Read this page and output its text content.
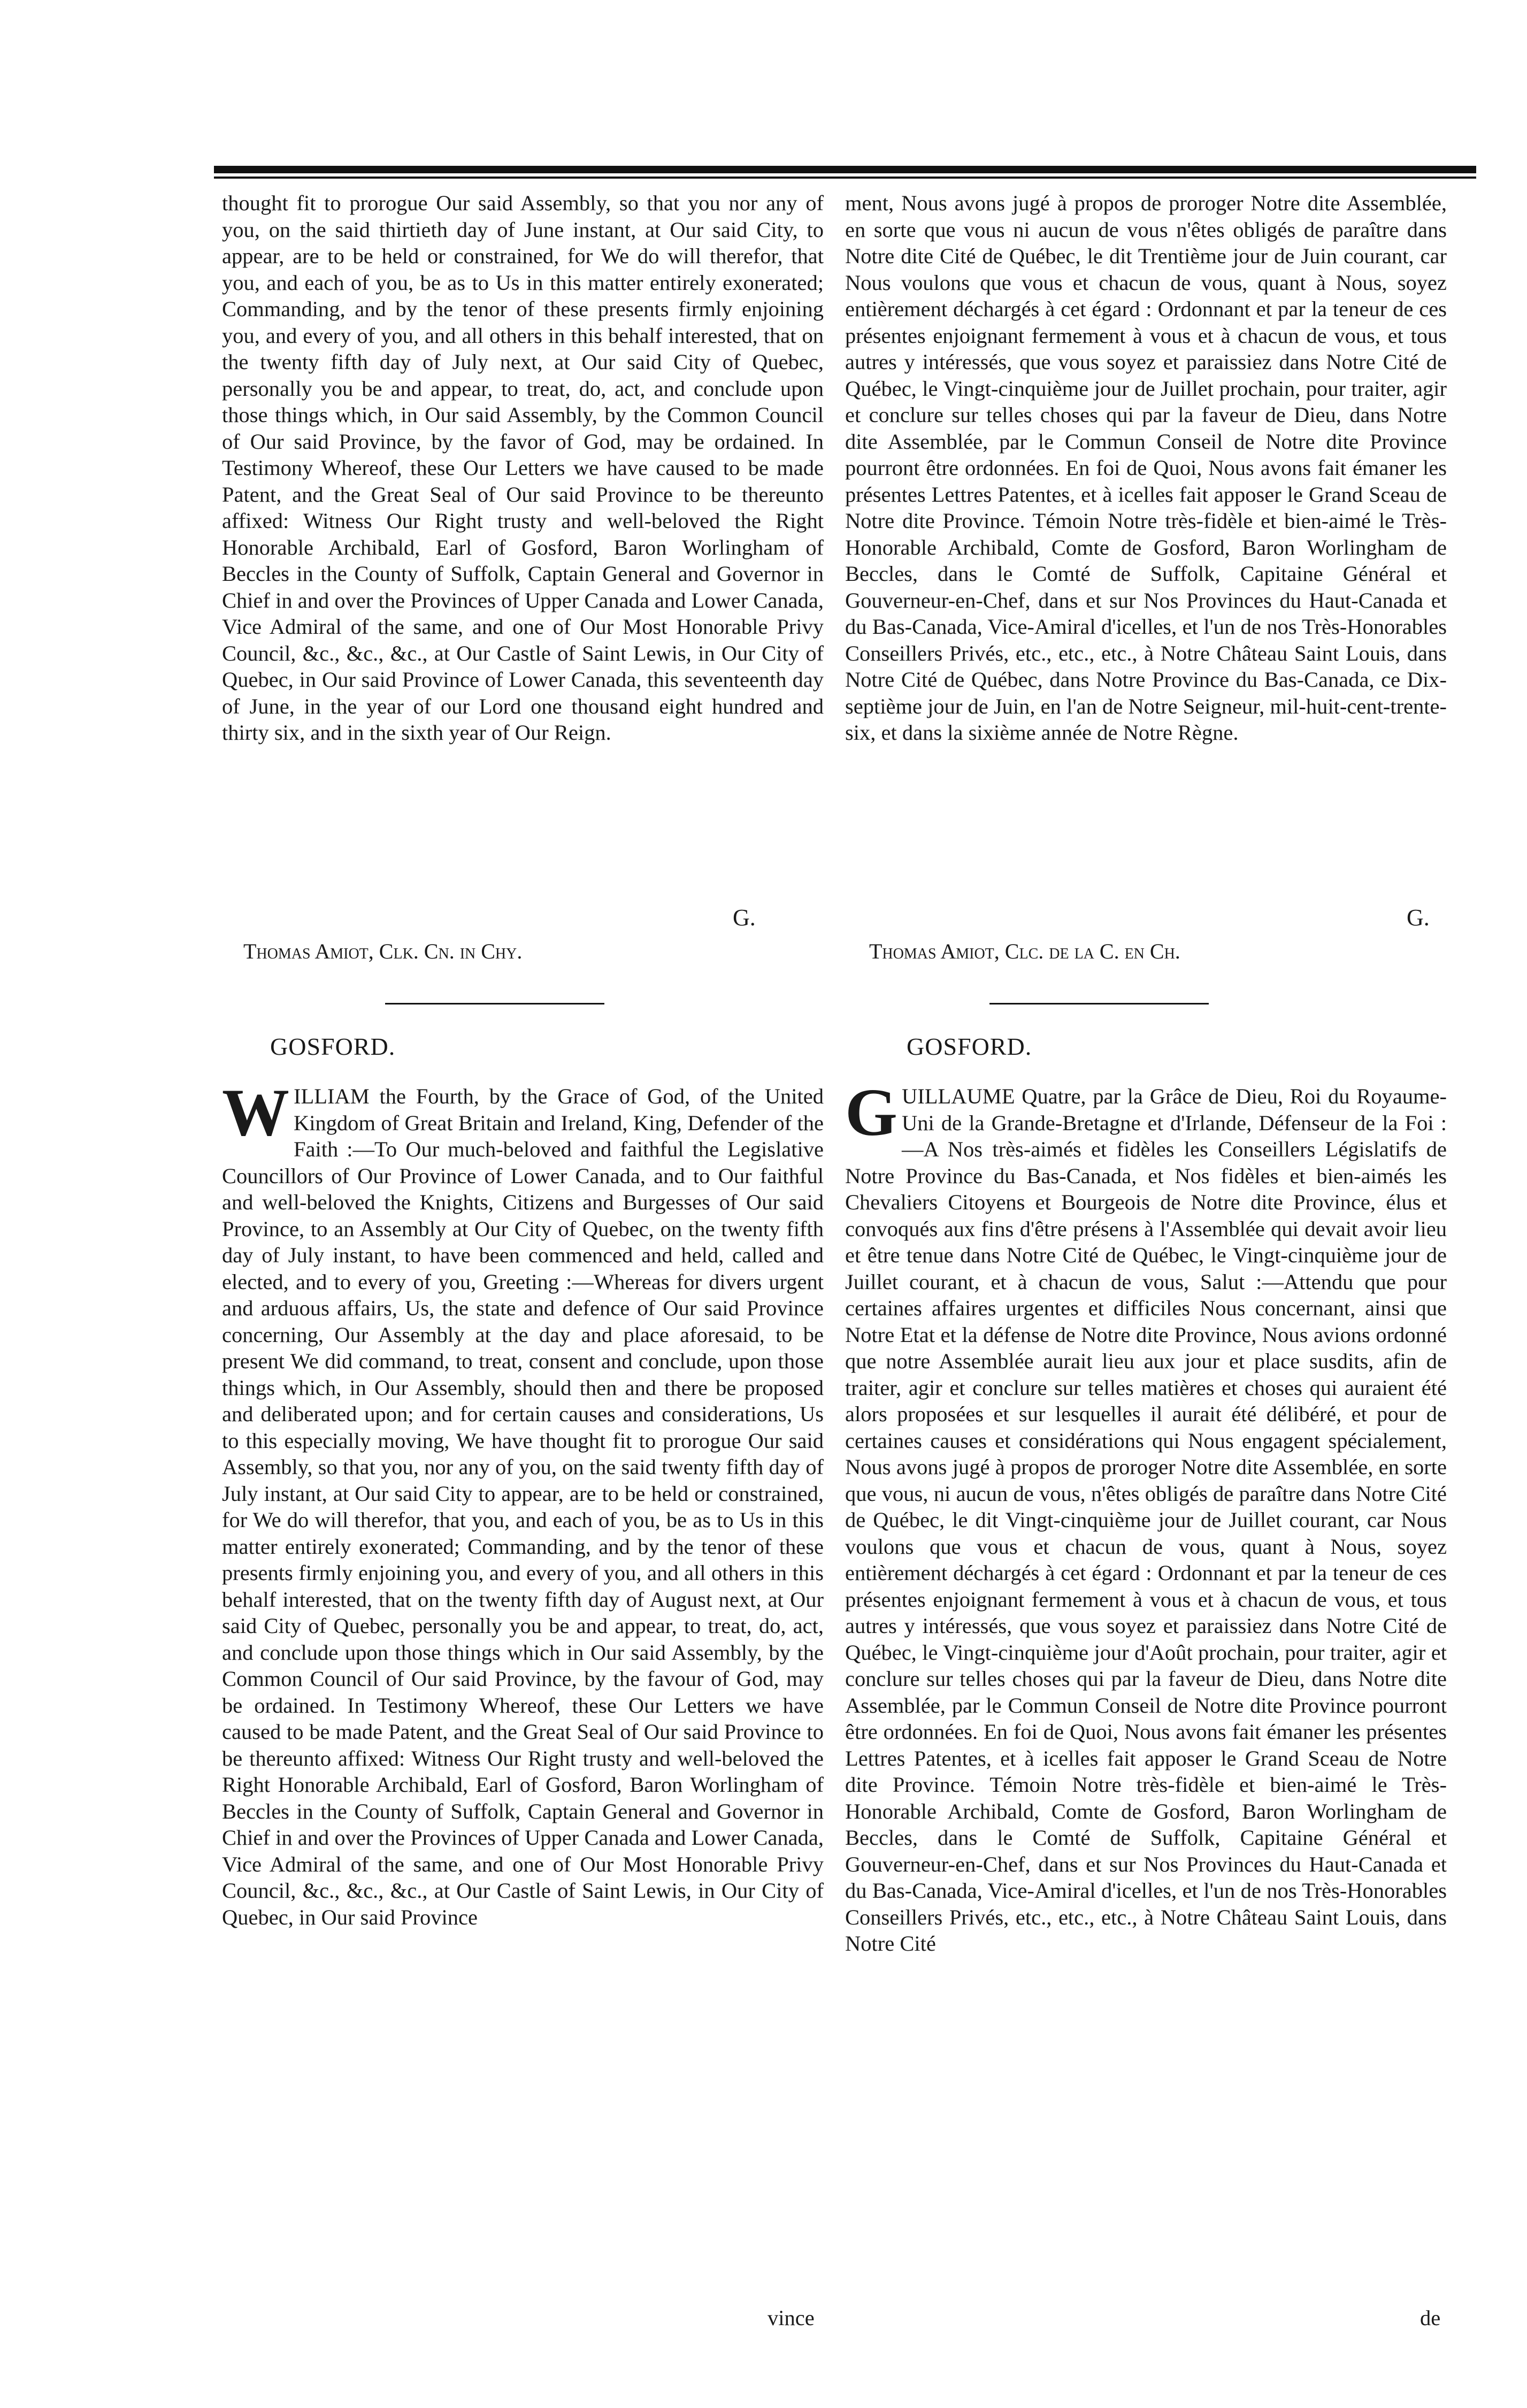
thought fit to prorogue Our said Assembly, so that you nor any of you, on the said thirtieth day of June instant, at Our said City, to appear, are to be held or constrained, for We do will therefor, that you, and each of you, be as to Us in this matter entirely exonerated; Commanding, and by the tenor of these presents firmly enjoining you, and every of you, and all others in this behalf interested, that on the twenty fifth day of July next, at Our said City of Quebec, personally you be and appear, to treat, do, act, and conclude upon those things which, in Our said Assembly, by the Common Council of Our said Province, by the favor of God, may be ordained. In Testimony Whereof, these Our Letters we have caused to be made Patent, and the Great Seal of Our said Province to be thereunto affixed: Witness Our Right trusty and well-beloved the Right Honorable Archibald, Earl of Gosford, Baron Worlingham of Beccles in the County of Suffolk, Captain General and Governor in Chief in and over the Provinces of Upper Canada and Lower Canada, Vice Admiral of the same, and one of Our Most Honorable Privy Council, &c., &c., &c., at Our Castle of Saint Lewis, in Our City of Quebec, in Our said Province of Lower Canada, this seventeenth day of June, in the year of our Lord one thousand eight hundred and thirty six, and in the sixth year of Our Reign.

G.
Thomas Amiot, Clk. Cn. in Chy.

ment, Nous avons jugé à propos de proroger Notre dite Assemblée, en sorte que vous ni aucun de vous n'êtes obligés de paraître dans Notre dite Cité de Québec, le dit Trentième jour de Juin courant, car Nous voulons que vous et chacun de vous, quant à Nous, soyez entièrement déchargés à cet égard : Ordonnant et par la teneur de ces présentes enjoignant fermement à vous et à chacun de vous, et tous autres y intéressés, que vous soyez et paraissiez dans Notre Cité de Québec, le Vingt-cinquième jour de Juillet prochain, pour traiter, agir et conclure sur telles choses qui par la faveur de Dieu, dans Notre dite Assemblée, par le Commun Conseil de Notre dite Province pourront être ordonnées. En foi de Quoi, Nous avons fait émaner les présentes Lettres Patentes, et à icelles fait apposer le Grand Sceau de Notre dite Province. Témoin Notre très-fidèle et bien-aimé le Très-Honorable Archibald, Comte de Gosford, Baron Worlingham de Beccles, dans le Comté de Suffolk, Capitaine Général et Gouverneur-en-Chef, dans et sur Nos Provinces du Haut-Canada et du Bas-Canada, Vice-Amiral d'icelles, et l'un de nos Très-Honorables Conseillers Privés, etc., etc., etc., à Notre Château Saint Louis, dans Notre Cité de Québec, dans Notre Province du Bas-Canada, ce Dix-septième jour de Juin, en l'an de Notre Seigneur, mil-huit-cent-trente-six, et dans la sixième année de Notre Règne.

G.
Thomas Amiot, Clc. de la C. en Ch.
GOSFORD.	GOSFORD.
W ILLIAM the Fourth, by the Grace of God, of the United Kingdom of Great Britain and Ireland, King, Defender of the Faith :—To Our much-beloved and faithful the Legislative Councillors of Our Province of Lower Canada, and to Our faithful and well-beloved the Knights, Citizens and Burgesses of Our said Province, to an Assembly at Our City of Quebec, on the twenty fifth day of July instant, to have been commenced and held, called and elected, and to every of you, Greeting :—Whereas for divers urgent and arduous affairs, Us, the state and defence of Our said Province concerning, Our Assembly at the day and place aforesaid, to be present We did command, to treat, consent and conclude, upon those things which, in Our Assembly, should then and there be proposed and deliberated upon; and for certain causes and considerations, Us to this especially moving, We have thought fit to prorogue Our said Assembly, so that you, nor any of you, on the said twenty fifth day of July instant, at Our said City to appear, are to be held or constrained, for We do will therefor, that you, and each of you, be as to Us in this matter entirely exonerated; Commanding, and by the tenor of these presents firmly enjoining you, and every of you, and all others in this behalf interested, that on the twenty fifth day of August next, at Our said City of Quebec, personally you be and appear, to treat, do, act, and conclude upon those things which in Our said Assembly, by the Common Council of Our said Province, by the favour of God, may be ordained. In Testimony Whereof, these Our Letters we have caused to be made Patent, and the Great Seal of Our said Province to be thereunto affixed: Witness Our Right trusty and well-beloved the Right Honorable Archibald, Earl of Gosford, Baron Worlingham of Beccles in the County of Suffolk, Captain General and Governor in Chief in and over the Provinces of Upper Canada and Lower Canada, Vice Admiral of the same, and one of Our Most Honorable Privy Council, &c., &c., &c., at Our Castle of Saint Lewis, in Our City of Quebec, in Our said Province

vince
G UILLAUME Quatre, par la Grâce de Dieu, Roi du Royaume-Uni de la Grande-Bretagne et d'Irlande, Défenseur de la Foi :—A Nos très-aimés et fidèles les Conseillers Législatifs de Notre Province du Bas-Canada, et Nos fidèles et bien-aimés les Chevaliers Citoyens et Bourgeois de Notre dite Province, élus et convoqués aux fins d'être présens à l'Assemblée qui devait avoir lieu et être tenue dans Notre Cité de Québec, le Vingt-cinquième jour de Juillet courant, et à chacun de vous, Salut :—Attendu que pour certaines affaires urgentes et difficiles Nous concernant, ainsi que Notre Etat et la défense de Notre dite Province, Nous avions ordonné que notre Assemblée aurait lieu aux jour et place susdits, afin de traiter, agir et conclure sur telles matières et choses qui auraient été alors proposées et sur lesquelles il aurait été délibéré, et pour de certaines causes et considérations qui Nous engagent spécialement, Nous avons jugé à propos de proroger Notre dite Assemblée, en sorte que vous, ni aucun de vous, n'êtes obligés de paraître dans Notre Cité de Québec, le dit Vingt-cinquième jour de Juillet courant, car Nous voulons que vous et chacun de vous, quant à Nous, soyez entièrement déchargés à cet égard : Ordonnant et par la teneur de ces présentes enjoignant fermement à vous et à chacun de vous, et tous autres y intéressés, que vous soyez et paraissiez dans Notre Cité de Québec, le Vingt-cinquième jour d'Août prochain, pour traiter, agir et conclure sur telles choses qui par la faveur de Dieu, dans Notre dite Assemblée, par le Commun Conseil de Notre dite Province pourront être ordonnées. En foi de Quoi, Nous avons fait émaner les présentes Lettres Patentes, et à icelles fait apposer le Grand Sceau de Notre dite Province. Témoin Notre très-fidèle et bien-aimé le Très-Honorable Archibald, Comte de Gosford, Baron Worlingham de Beccles, dans le Comté de Suffolk, Capitaine Général et Gouverneur-en-Chef, dans et sur Nos Provinces du Haut-Canada et du Bas-Canada, Vice-Amiral d'icelles, et l'un de nos Très-Honorables Conseillers Privés, etc., etc., etc., à Notre Château Saint Louis, dans Notre Cité

de
